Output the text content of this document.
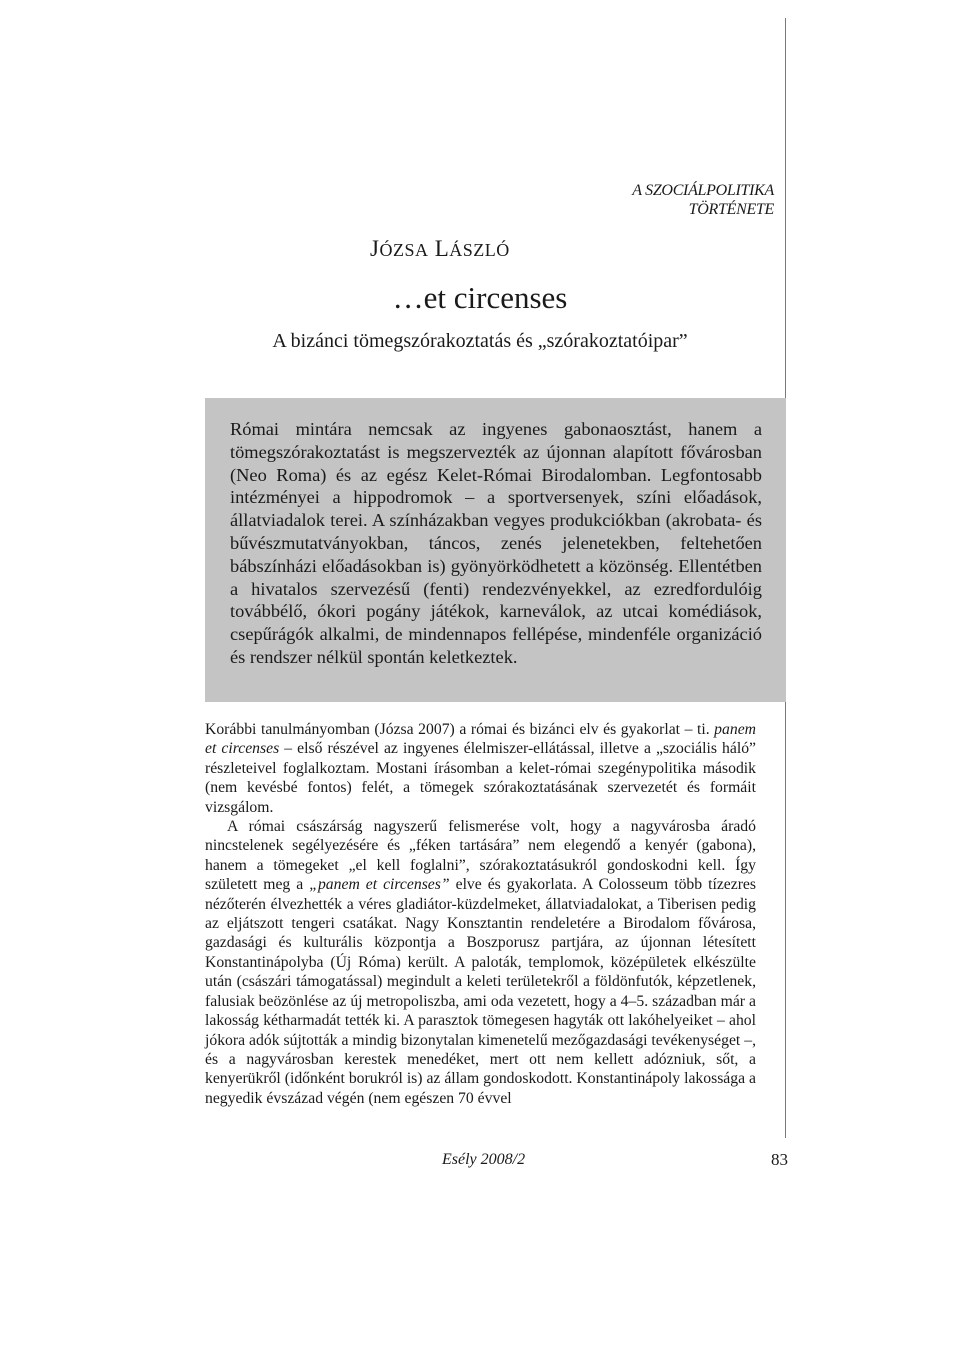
A SZOCIÁLPOLITIKA
TÖRTÉNETE
JÓZSA LÁSZLÓ
…et circenses
A bizánci tömegszórakoztatás és „szórakoztatóipar”
Római mintára nemcsak az ingyenes gabonaosztást, hanem a tömegszórakoztatást is megszervezték az újonnan alapított fővárosban (Neo Roma) és az egész Kelet-Római Birodalomban. Legfontosabb intézményei a hippodromok – a sportversenyek, színi előadások, állatviadalok terei. A színházakban vegyes produkciókban (akrobata- és bűvészmutatványokban, táncos, zenés jelenetekben, feltehetően bábszínházi előadásokban is) gyönyörködhetett a közönség. Ellentétben a hivatalos szervezésű (fenti) rendezvényekkel, az ezredfordulóig továbbélő, ókori pogány játékok, karneválok, az utcai komédiások, csepűrágók alkalmi, de mindennapos fellépése, mindenféle organizáció és rendszer nélkül spontán keletkeztek.

Korábbi tanulmányomban (Józsa 2007) a római és bizánci elv és gyakorlat – ti. panem et circenses – első részével az ingyenes élelmiszer-ellátással, illetve a „szociális háló” részleteivel foglalkoztam. Mostani írásomban a kelet-római szegénypolitika második (nem kevésbé fontos) felét, a tömegek szórakoztatásának szervezetét és formáit vizsgálom.

A római császárság nagyszerű felismerése volt, hogy a nagyvárosba áradó nincstelenek segélyezésére és „féken tartására” nem elegendő a kenyér (gabona), hanem a tömegeket „el kell foglalni”, szórakoztatásukról gondoskodni kell. Így született meg a „panem et circenses” elve és gyakorlata. A Colosseum több tízezres nézőterén élvezhették a véres gladiátor-küzdelmeket, állatviadalokat, a Tiberisen pedig az eljátszott tengeri csatákat. Nagy Konsztantin rendeletére a Birodalom fővárosa, gazdasági és kulturális központja a Boszporusz partjára, az újonnan létesített Konstantinápolyba (Új Róma) került. A paloták, templomok, középületek elkészülte után (császári támogatással) megindult a keleti területekről a földönfutók, képzetlenek, falusiak beözönlése az új metropoliszba, ami oda vezetett, hogy a 4–5. században már a lakosság kétharmadát tették ki. A parasztok tömegesen hagyták ott lakóhelyeiket – ahol jókora adók sújtották a mindig bizonytalan kimenetelű mezőgazdasági tevékenységet –, és a nagyvárosban kerestek menedéket, mert ott nem kellett adózniuk, sőt, a kenyerükről (időnként borukról is) az állam gondoskodott. Konstantinápoly lakossága a negyedik évszázad végén (nem egészen 70 évvel

Esély 2008/2	83
